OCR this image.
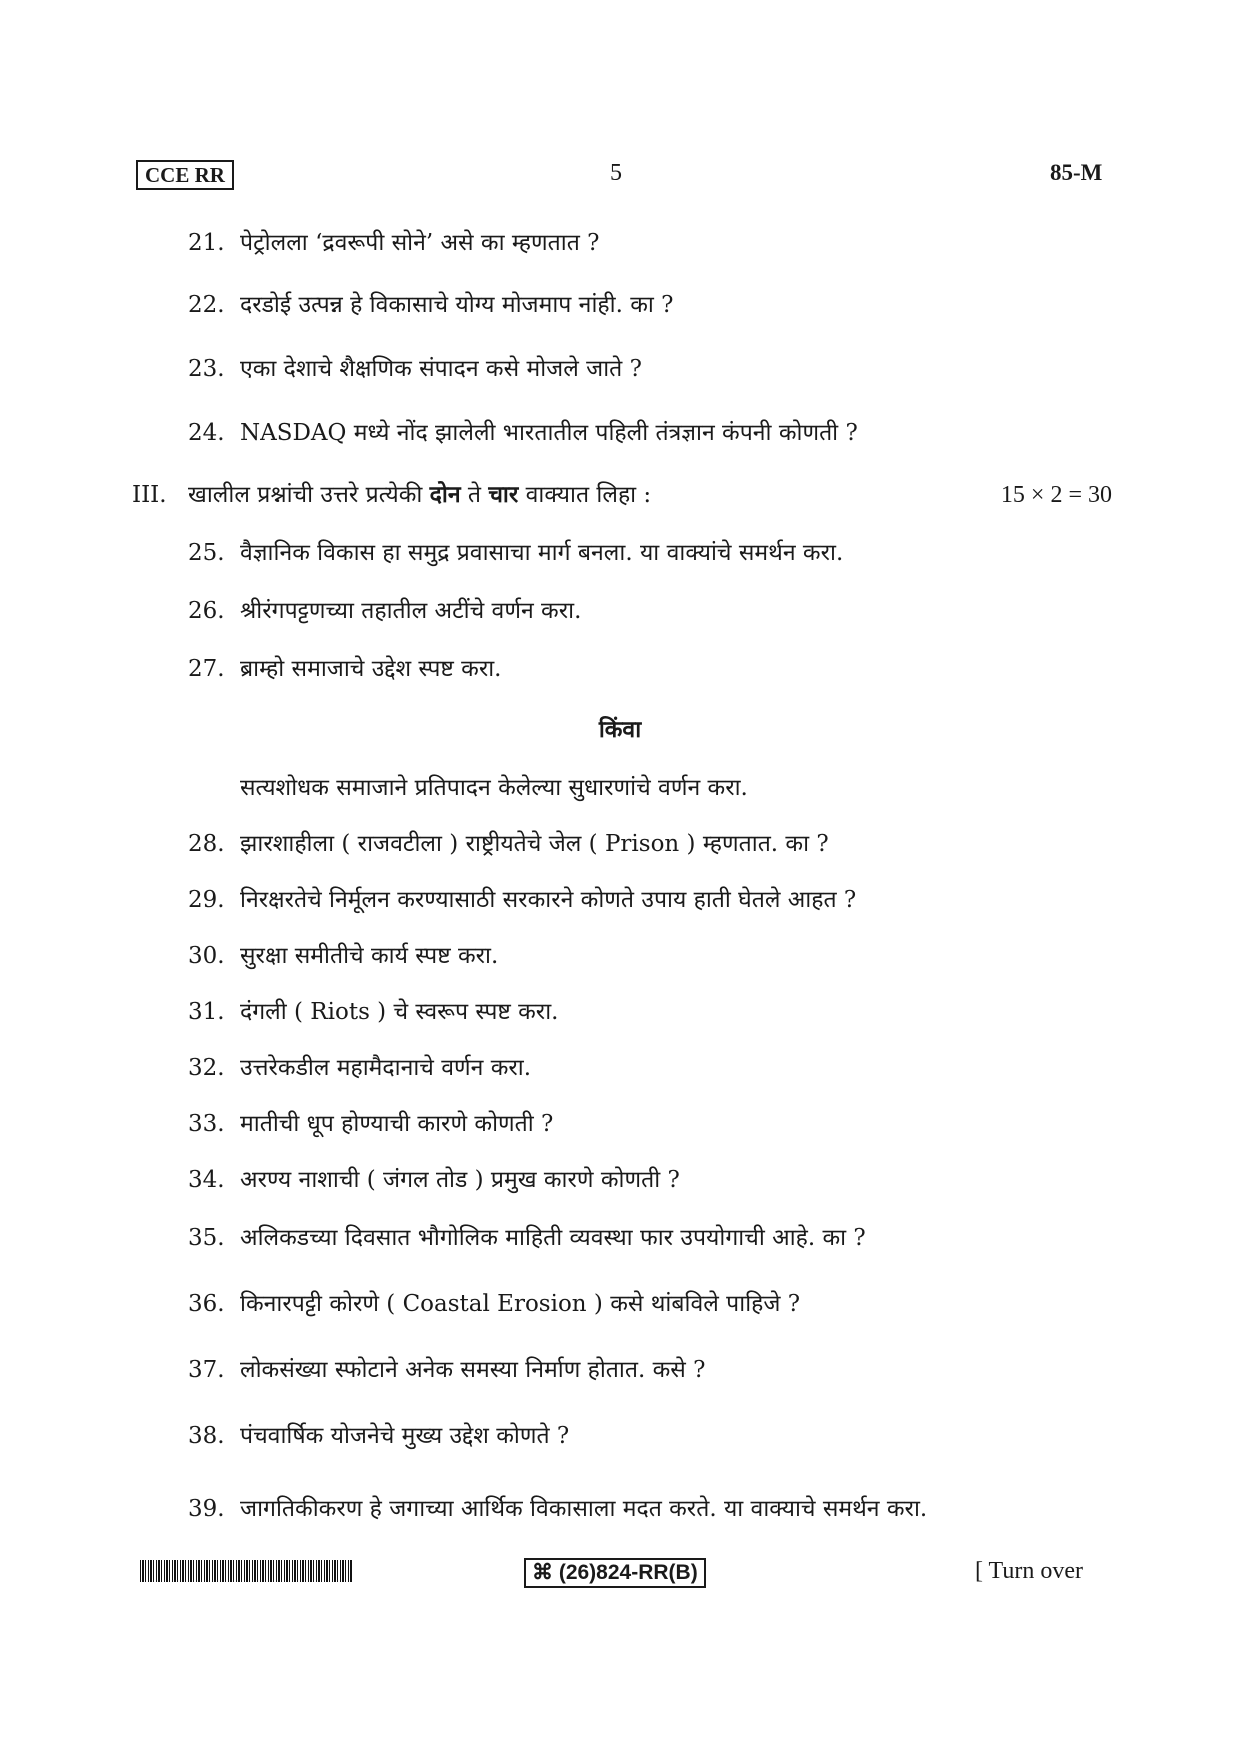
CCE RR	5	85-M
21. पेट्रोलला ‘द्रवरूपी सोने’ असे का म्हणतात ?
22. दरडोई उत्पन्न हे विकासाचे योग्य मोजमाप नांही. का ?
23. एका देशाचे शैक्षणिक संपादन कसे मोजले जाते ?
24. NASDAQ मध्ये नोंद झालेली भारतातील पहिली तंत्रज्ञान कंपनी कोणती ?
III. खालील प्रश्नांची उत्तरे प्रत्येकी दोन ते चार वाक्यात लिहा :	15 × 2 = 30
25. वैज्ञानिक विकास हा समुद्र प्रवासाचा मार्ग बनला. या वाक्यांचे समर्थन करा.
26. श्रीरंगपट्टणच्या तहातील अटींचे वर्णन करा.
27. ब्राम्हो समाजाचे उद्देश स्पष्ट करा.
किंवा
सत्यशोधक समाजाने प्रतिपादन केलेल्या सुधारणांचे वर्णन करा.
28. झारशाहीला ( राजवटीला ) राष्ट्रीयतेचे जेल ( Prison ) म्हणतात. का ?
29. निरक्षरतेचे निर्मूलन करण्यासाठी सरकारने कोणते उपाय हाती घेतले आहत ?
30. सुरक्षा समीतीचे कार्य स्पष्ट करा.
31. दंगली ( Riots ) चे स्वरूप स्पष्ट करा.
32. उत्तरेकडील महामैदानाचे वर्णन करा.
33. मातीची धूप होण्याची कारणे कोणती ?
34. अरण्य नाशाची ( जंगल तोड ) प्रमुख कारणे कोणती ?
35. अलिकडच्या दिवसात भौगोलिक माहिती व्यवस्था फार उपयोगाची आहे. का ?
36. किनारपट्टी कोरणे ( Coastal Erosion ) कसे थांबविले पाहिजे ?
37. लोकसंख्या स्फोटाने अनेक समस्या निर्माण होतात. कसे ?
38. पंचवार्षिक योजनेचे मुख्य उद्देश कोणते ?
39. जागतिकीकरण हे जगाच्या आर्थिक विकासाला मदत करते. या वाक्याचे समर्थन करा.
⌘ (26)824-RR(B)	[ Turn over
